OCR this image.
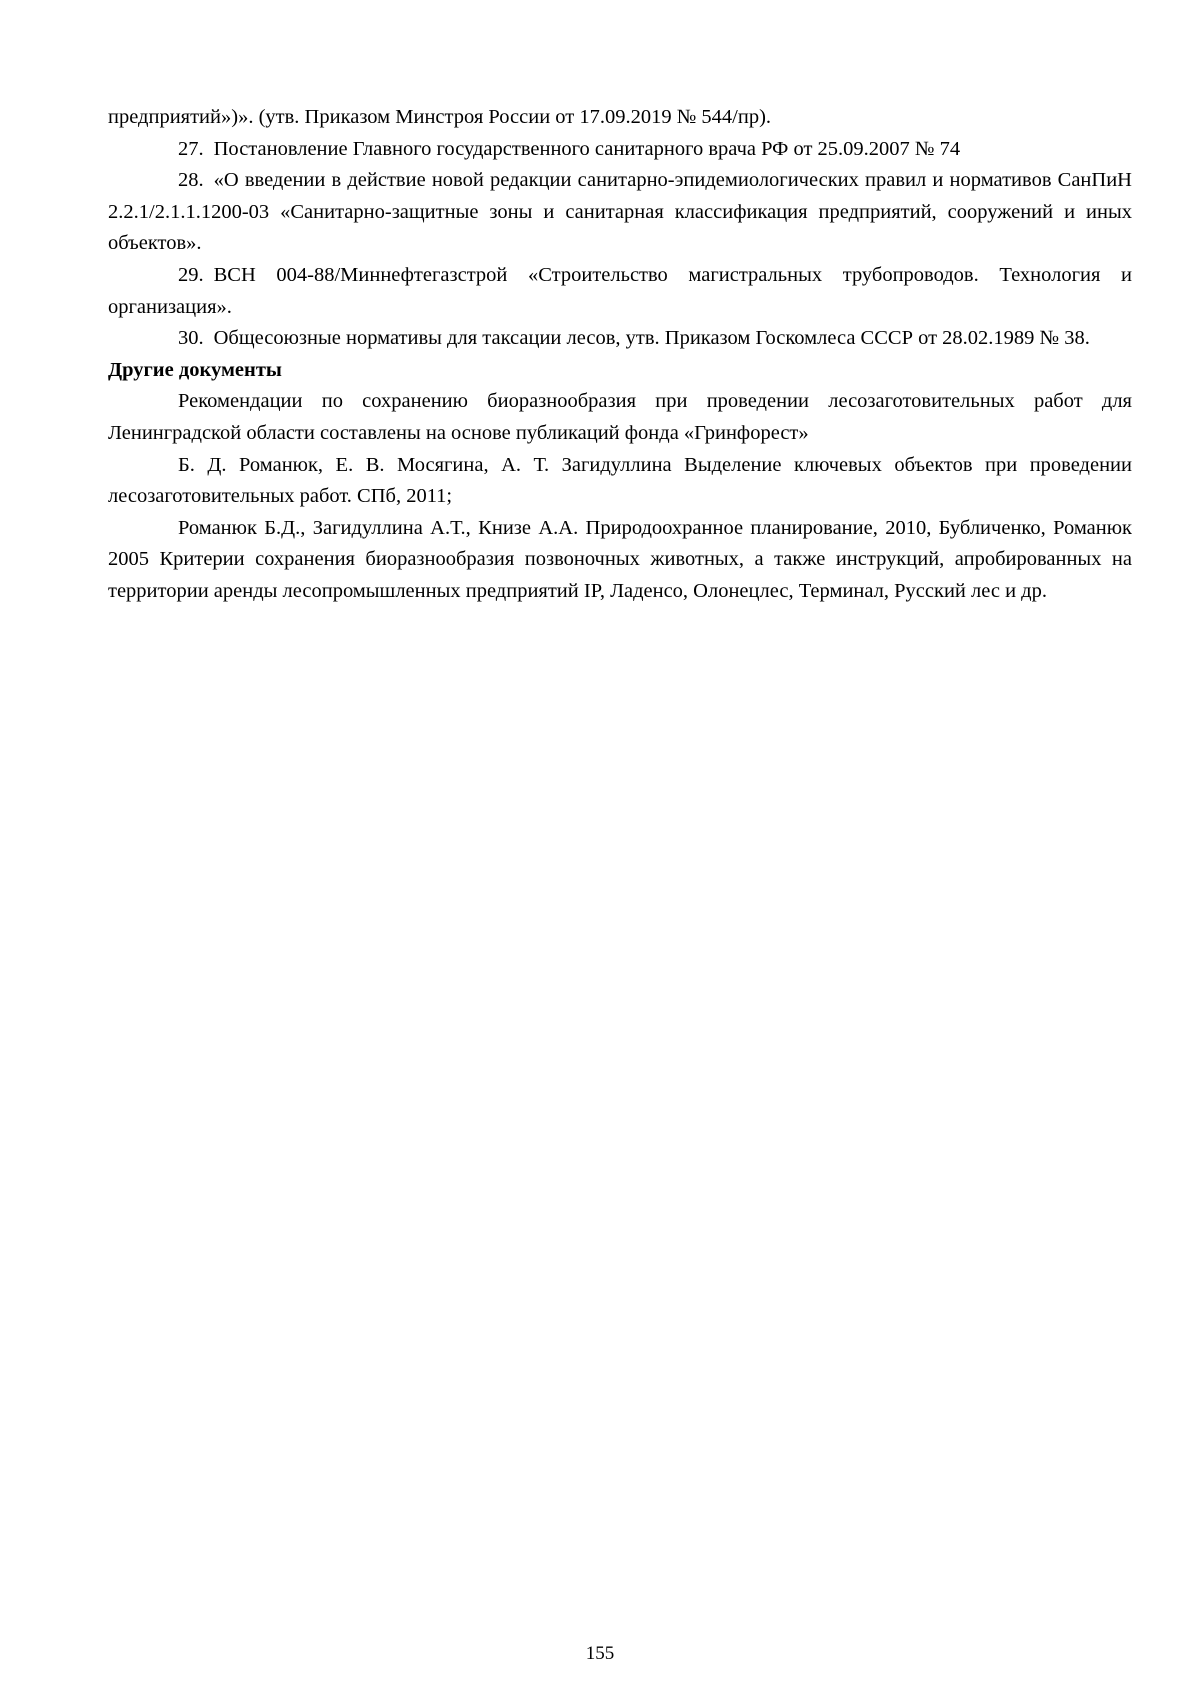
предприятий»)». (утв. Приказом Минстроя России от 17.09.2019 № 544/пр).

27. Постановление Главного государственного санитарного врача РФ от 25.09.2007 № 74

28. «О введении в действие новой редакции санитарно-эпидемиологических правил и нормативов СанПиН 2.2.1/2.1.1.1200-03 «Санитарно-защитные зоны и санитарная классификация предприятий, сооружений и иных объектов».

29. ВСН 004-88/Миннефтегазстрой «Строительство магистральных трубопроводов. Технология и организация».

30. Общесоюзные нормативы для таксации лесов, утв. Приказом Госкомлеса СССР от 28.02.1989 № 38.

Другие документы

Рекомендации по сохранению биоразнообразия при проведении лесозаготовительных работ для Ленинградской области составлены на основе публикаций фонда «Гринфорест»

Б. Д. Романюк, Е. В. Мосягина, А. Т. Загидуллина Выделение ключевых объектов при проведении лесозаготовительных работ. СПб, 2011;

Романюк Б.Д., Загидуллина А.Т., Книзе А.А. Природоохранное планирование, 2010, Бубличенко, Романюк 2005 Критерии сохранения биоразнообразия позвоночных животных, а также инструкций, апробированных на территории аренды лесопромышленных предприятий IP, Ладенсо, Олонецлес, Терминал, Русский лес и др.

155
